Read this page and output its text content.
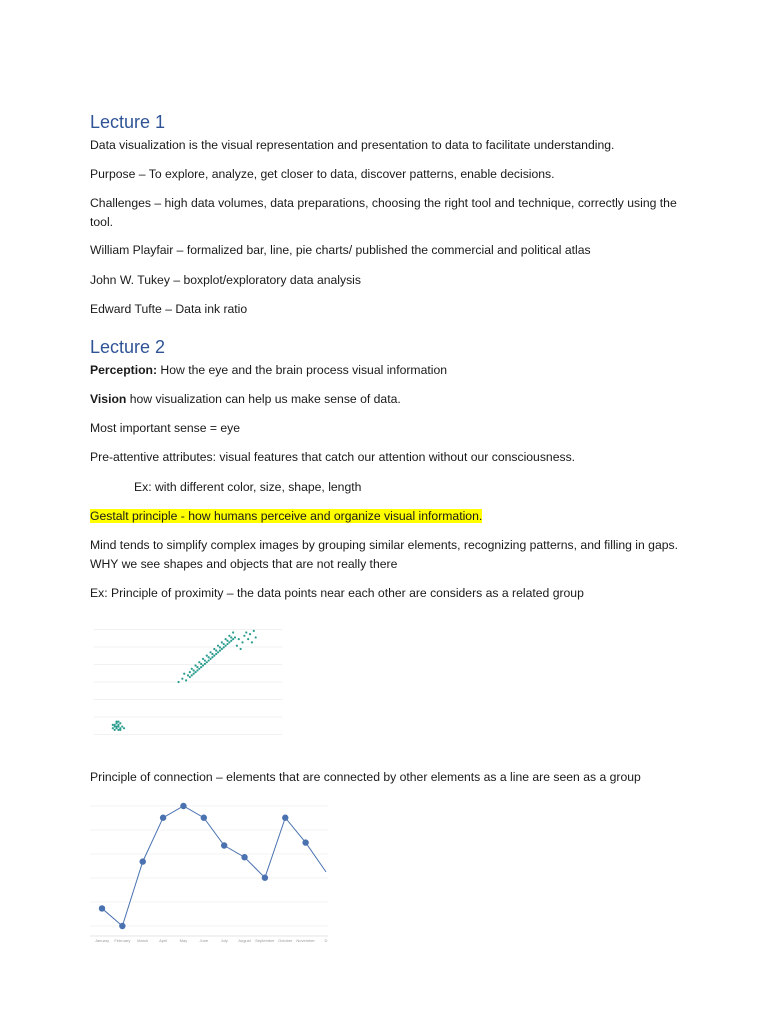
Lecture 1

Data visualization is the visual representation and presentation to data to facilitate understanding.

Purpose – To explore, analyze, get closer to data, discover patterns, enable decisions.

Challenges – high data volumes, data preparations, choosing the right tool and technique, correctly using the tool.

William Playfair – formalized bar, line, pie charts/ published the commercial and political atlas

John W. Tukey – boxplot/exploratory data analysis

Edward Tufte – Data ink ratio

Lecture 2

Perception: How the eye and the brain process visual information

Vision how visualization can help us make sense of data.

Most important sense = eye

Pre-attentive attributes: visual features that catch our attention without our consciousness.

Ex: with different color, size, shape, length

Gestalt principle - how humans perceive and organize visual information.

Mind tends to simplify complex images by grouping similar elements, recognizing patterns, and filling in gaps. WHY we see shapes and objects that are not really there

Ex: Principle of proximity – the data points near each other are considers as a related group

Principle of connection – elements that are connected by other elements as a line are seen as a group

January February March	April	May	June	July	August September October November D
